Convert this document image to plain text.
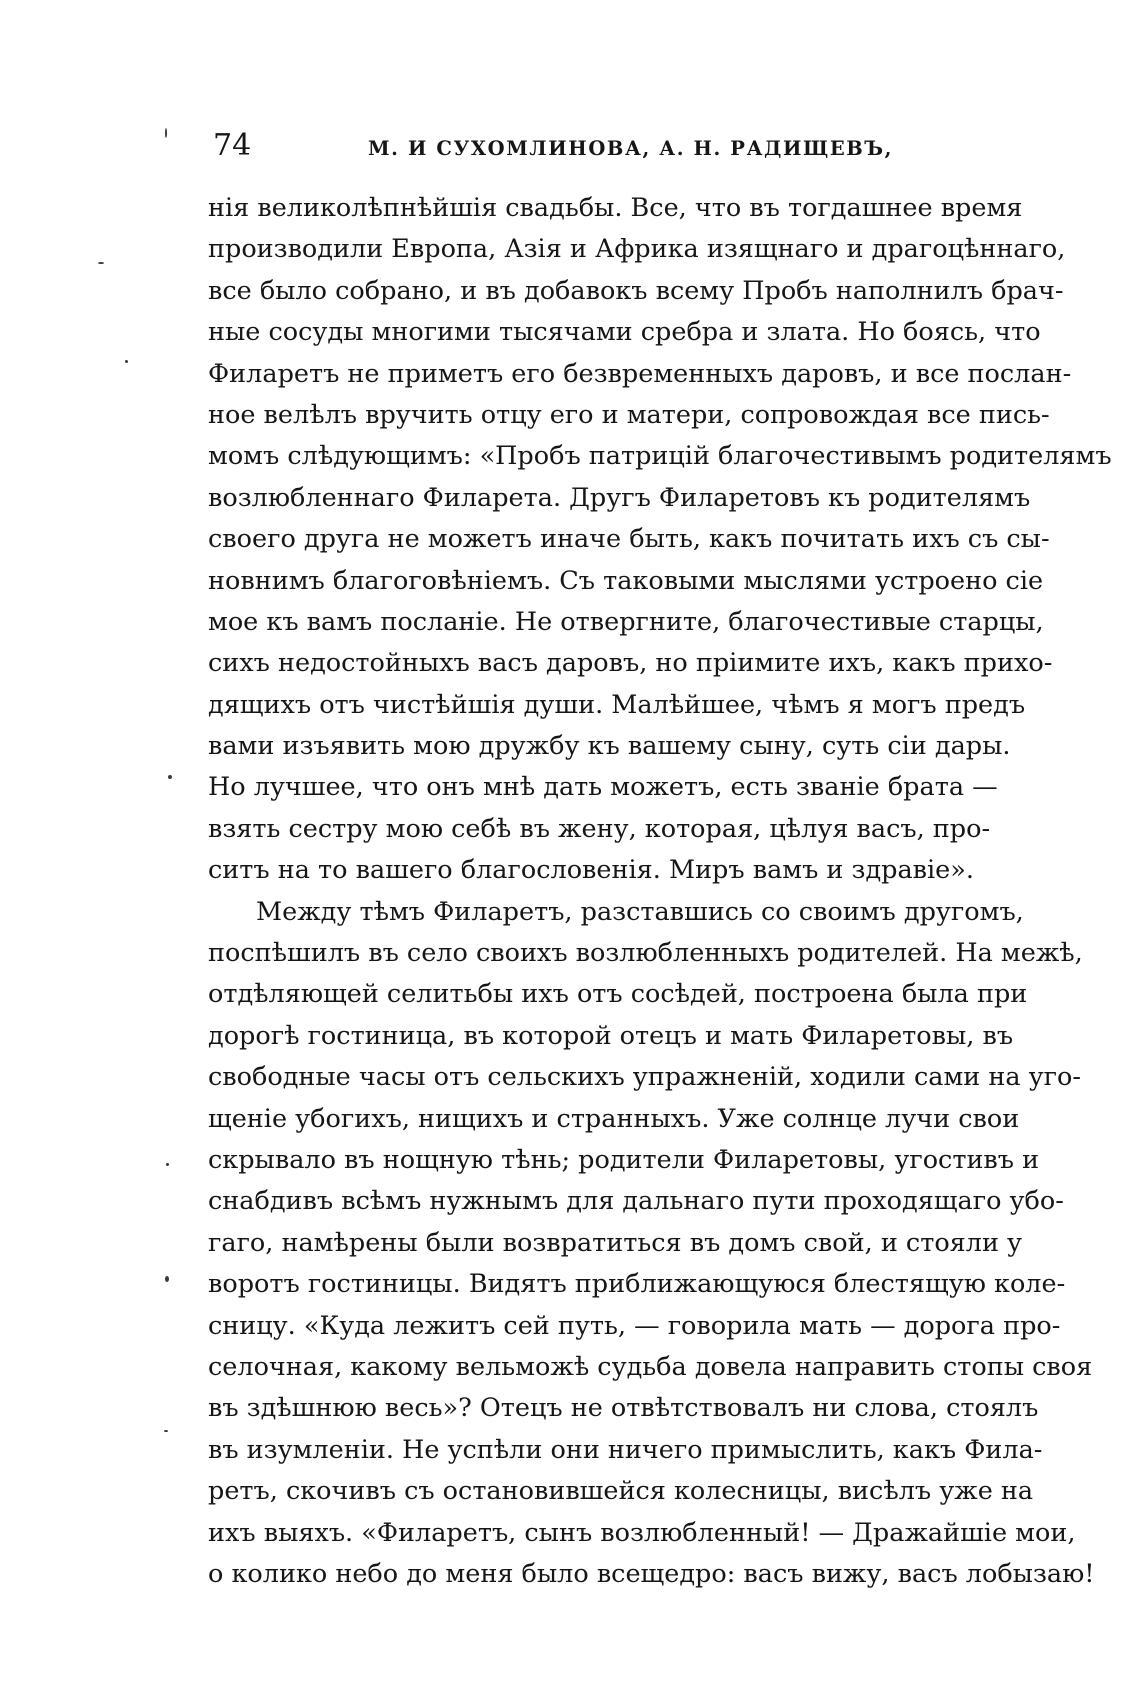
74	М. И СУХОМЛИНОВА, А. Н. РАДИЩЕВЪ,
нія великолѣпнѣйшія свадьбы. Все, что въ тогдашнее время
производили Европа, Азія и Африка изящнаго и драгоцѣннаго,
все было собрано, и въ добавокъ всему Пробъ наполнилъ брач-
ные сосуды многими тысячами сребра и злата. Но боясь, что
Филаретъ не приметъ его безвременныхъ даровъ, и все послан-
ное велѣлъ вручить отцу его и матери, сопровождая все пись-
момъ слѣдующимъ: «Пробъ патрицій благочестивымъ родителямъ
возлюбленнаго Филарета. Другъ Филаретовъ къ родителямъ
своего друга не можетъ иначе быть, какъ почитать ихъ съ сы-
новнимъ благоговѣніемъ. Съ таковыми мыслями устроено сіе
мое къ вамъ посланіе. Не отвергните, благочестивые старцы,
сихъ недостойныхъ васъ даровъ, но пріимите ихъ, какъ прихо-
дящихъ отъ чистѣйшія души. Малѣйшее, чѣмъ я могъ предъ
вами изъявить мою дружбу къ вашему сыну, суть сіи дары.
Но лучшее, что онъ мнѣ дать можетъ, есть званіе брата —
взять сестру мою себѣ въ жену, которая, цѣлуя васъ, про-
ситъ на то вашего благословенія. Миръ вамъ и здравіе».
Между тѣмъ Филаретъ, разставшись со своимъ другомъ,
поспѣшилъ въ село своихъ возлюбленныхъ родителей. На межѣ,
отдѣляющей селитьбы ихъ отъ сосѣдей, построена была при
дорогѣ гостиница, въ которой отецъ и мать Филаретовы, въ
свободные часы отъ сельскихъ упражненій, ходили сами на уго-
щеніе убогихъ, нищихъ и странныхъ. Уже солнце лучи свои
скрывало въ нощную тѣнь; родители Филаретовы, угостивъ и
снабдивъ всѣмъ нужнымъ для дальнаго пути проходящаго убо-
гаго, намѣрены были возвратиться въ домъ свой, и стояли у
воротъ гостиницы. Видятъ приближающуюся блестящую коле-
сницу. «Куда лежитъ сей путь, — говорила мать — дорога про-
селочная, какому вельможѣ судьба довела направить стопы своя
въ здѣшнюю весь»? Отецъ не отвѣтствовалъ ни слова, стоялъ
въ изумленіи. Не успѣли они ничего примыслить, какъ Фила-
ретъ, скочивъ съ остановившейся колесницы, висѣлъ уже на
ихъ выяхъ. «Филаретъ, сынъ возлюбленный! — Дражайшіе мои,
о колико небо до меня было всещедро: васъ вижу, васъ лобызаю!
